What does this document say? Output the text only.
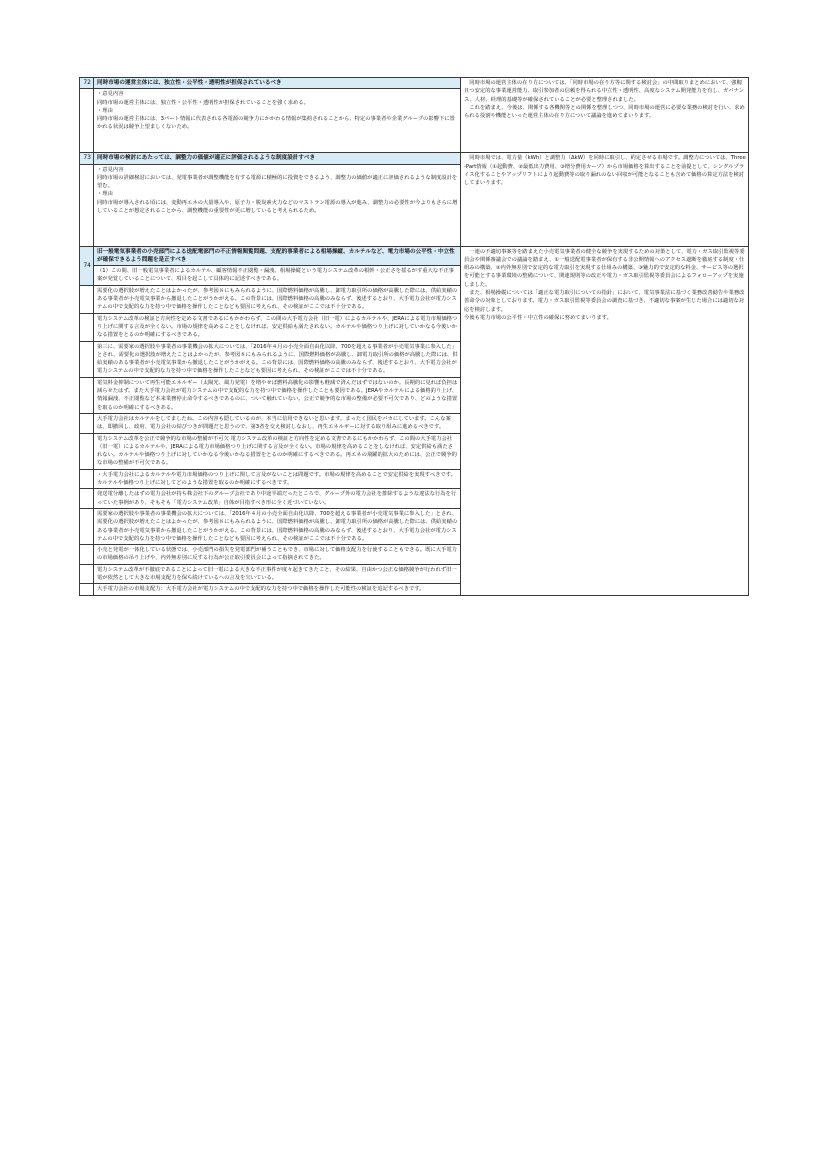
72	同時市場の運営主体には、独立性・公平性・透明性が担保されているべき	　同時市場の運営主体の在り方については、「同時市場の在り方等に関する検討会」の中間取りまとめにおいて、強靱且つ安定的な事業運営能力、取引参加者の信頼を得られる中立性・透明性、高度なシステム開発能力を有し、ガバナンス、人材、経理的基礎等が確保されていることが必要と整理されました。
　これを踏まえ、今後は、関係する各機関等との関係を整理しつつ、同時市場の運営に必要な業務の検討を行い、求められる役割や機能といった運営主体の在り方について議論を進めてまいります。

	・意見内容
同時市場の運営主体には、独立性・公平性・透明性が担保されていることを強く求める。
・理由
同時市場の運営主体には、3パート情報に代表される各電源の競争力にかかわる情報が集約されることから、特定の事業者や企業グループの影響下に置かれる状況は競争上望ましくないため。	

73	同時市場の検討にあたっては、調整力の価値が適正に評価されるような制度設計すべき	　同時市場では、電力量（kWh）と調整力（ΔkW）を同時に取引し、約定させる市場です。調整力については、Three-Part情報（①起動費、②最低出力費用、③増分費用カーブ）から市場価格を算出することを前提として、シングルプライス化することやアップリフトにより起動費等の取り漏れのない回収が可能となることも含めて価格の算定方法を検討してまいります。

	・意見内容
同時市場の詳細検討においては、発電事業者が調整機能を有する電源に積極的に投資をできるよう、調整力の価値が適正に評価されるような制度設計を望む。
・理由
同時市場が導入される頃には、変動再エネの大量導入や、原子力・脱炭素火力などのマストラン電源の導入が進み、調整力の必要性が今よりもさらに増していることが想定されることから、調整機能の重要性が更に増していると考えられるため。	

74	旧一般電気事業者の小売部門による送配電部門の不正情報閲覧問題、支配的事業者による相場操縦、カルテルなど、電力市場の公平性・中立性が確保できるよう問題を是正すべき	　一連の不適切事案等を踏まえた小売電気事業者の健全な競争を実現するための対策として、電力・ガス取引監視等委員会や関係審議会での議論を踏まえ、①一般送配電事業者が保有する非公開情報へのアクセス遮断を徹底する制度・仕組みの構築、②内外無差別で安定的な電力取引を実現する仕組みの構築、③魅力的で安定的な料金、サービス等の選択を可能とする事業環境の整備について、関連規則等の改正や電力・ガス取引監視等委員会によるフォローアップを実施しました。
　また、相場操縦については「適正な電力取引についての指針」において、電気事業法に基づく業務改善勧告や業務改善命令の対象としております。電力・ガス取引監視等委員会の調査に基づき、不適切な事案が生じた場合には適切な対応を検討します。
今後も電力市場の公平性・中立性の確保に努めてまいります。

	（1）この間、旧一般電気事業者によるカルテル、顧客情報不正閲覧・漏洩、相場操縦という電力システム改革の根幹・公正さを揺るがす重大な不正事案が発覚していることについて、項目を起こして具体的に記述すべきである。	
	需要化の選択肢が増えたことはよかったが、参考図８にもみられるように、国際燃料価格が高騰し、卸電力取引所の価格が高騰した際には、供給実績のある事業者が小売電気事業から撤退したことがうかがえる。この背景には、国際燃料価格の高騰のみならず、後述するとおり、大手電力会社が電力システムの中で支配的な力を持つ中で価格を操作したことなども要因に考えられ、その検証がここでは不十分である。	
	電力システム改革の検証と方向性を定める文書であるにもかかわらず、この間の大手電力会社（旧一電）によるカルテルや、JERAによる電力市場価格つり上げに関する言及が全くない。市場の規律を高めることをしなければ、安定供給も満たされない。カルテルや価格つり上げに対していかなる今後いかなる措置をとるのか明確にするべきである。	
	第三に、需要家の選択肢や事業者の事業機会の拡大については、「2016年４月の小売全面自由化以降、700を超える事業者が小売電気事業に参入した」とされ、需要化の選択肢が増えたことはよかったが、参考図８にもみられるように、国際燃料価格が高騰し、卸電力取引所の価格が高騰した際には、供給実績のある事業者が小売電気事業から撤退したことがうかがえる。この背景には、国際燃料価格の高騰のみならず、後述するとおり、大手電力会社が電力システムの中で支配的な力を持つ中で価格を操作したことなども要因に考えられ、その検証がここでは不十分である。	
	電気料金抑制について再生可能エネルギー（太陽光、風力発電）を増やせば燃料高騰化の影響も軽減で済んだはずではないのか。長期的に見れば負担は減らせたはず。また大手電力会社が電力システムの中で支配的な力を持つ中で価格を操作したことも要因である。JERAやカルテルによる価格釣り上げ、情報漏洩、不正閲覧など本来業務停止命令するべきであるのに、ついて触れていない。公正で競争的な市場の整備が必要不可欠であり、どのような措置を取るのか明確にするべきある。	
	大手電力会社はカルテルをしてましたね。この内容も隠しているのが、本当に信用できないと思います。まったく国民をバカにしています。こんな案は、即撤回し、政府、電力会社の結びつきが問題だと思うので、第3者を交え検討しなおし、再生エネルギーに対する取り組みに進めるべきです。	
	電力システム改革を公正で競争的な市場の整備が不可欠 電力システム改革の検証と方向性を定める文書であるにもかかわらず、この間の大手電力会社（旧一電）によるカルテルや、JERAによる電力市場価格つり上げに関する言及が全くない。市場の規律を高めることをしなければ、安定供給も満たされない。カルテルや価格つり上げに対していかなる今後いかなる措置をとるのか明確にするべきである。再エネの飛躍的拡大のためには、公正で競争的な市場の整備が不可欠である。	
	・大手電力会社によるカルテルや電力市場価格のつり上げに関して言及がないことは問題です。市場の規律を高めることで安定供給を実現すべきです。カルテルや価格つり上げに対してどのような措置を取るのか明確にするべきです。	
	発送電分離したはずの電力会社が持ち株会社下のグループ会社であり中途半端だったところで、グループ外の電力会社を排除するような違法な行為を行っていた事例があり、そもそも「電力システム改革」自体が目指すべき形に全く近づいていない。	
	需要家の選択肢や事業者の事業機会の拡大については、「2016年４月の小売全面自由化以降、700を超える事業者が小売電気事業に参入した」とされ、需要化の選択肢が増えたことはよかったが、参考図８にもみられるように、国際燃料価格が高騰し、卸電力取引所の価格が高騰した際には、供給実績のある事業者が小売電気事業から撤退したことがうかがえる。この背景には、国際燃料価格の高騰のみならず、後述するとおり、大手電力会社が電力システムの中で支配的な力を持つ中で価格を操作したことなども要因に考えられ、その検証がここでは不十分である。	
	小売と発電が一体化している状態では、小売部門の損失を発電部門が補うこともでき、市場に対して価格支配力を行使することもできる。既に大手電力の市場価格の吊り上げや、内外無差別に反する行為が公正取引委員会によって指摘されてきた。	
	電力システム改革が不徹底であることによって旧一電による大きな不正事件が度々起きてきたこと、その結果、自由かつ公正な価格競争が行われず旧一電が依然として大きな市場支配力を保ち続けているへの言及を欠いている。	
	大手電力会社の市場支配力：大手電力会社が電力システムの中で支配的な力を持つ中で価格を操作した可能性の検証を追記するべきです。	
